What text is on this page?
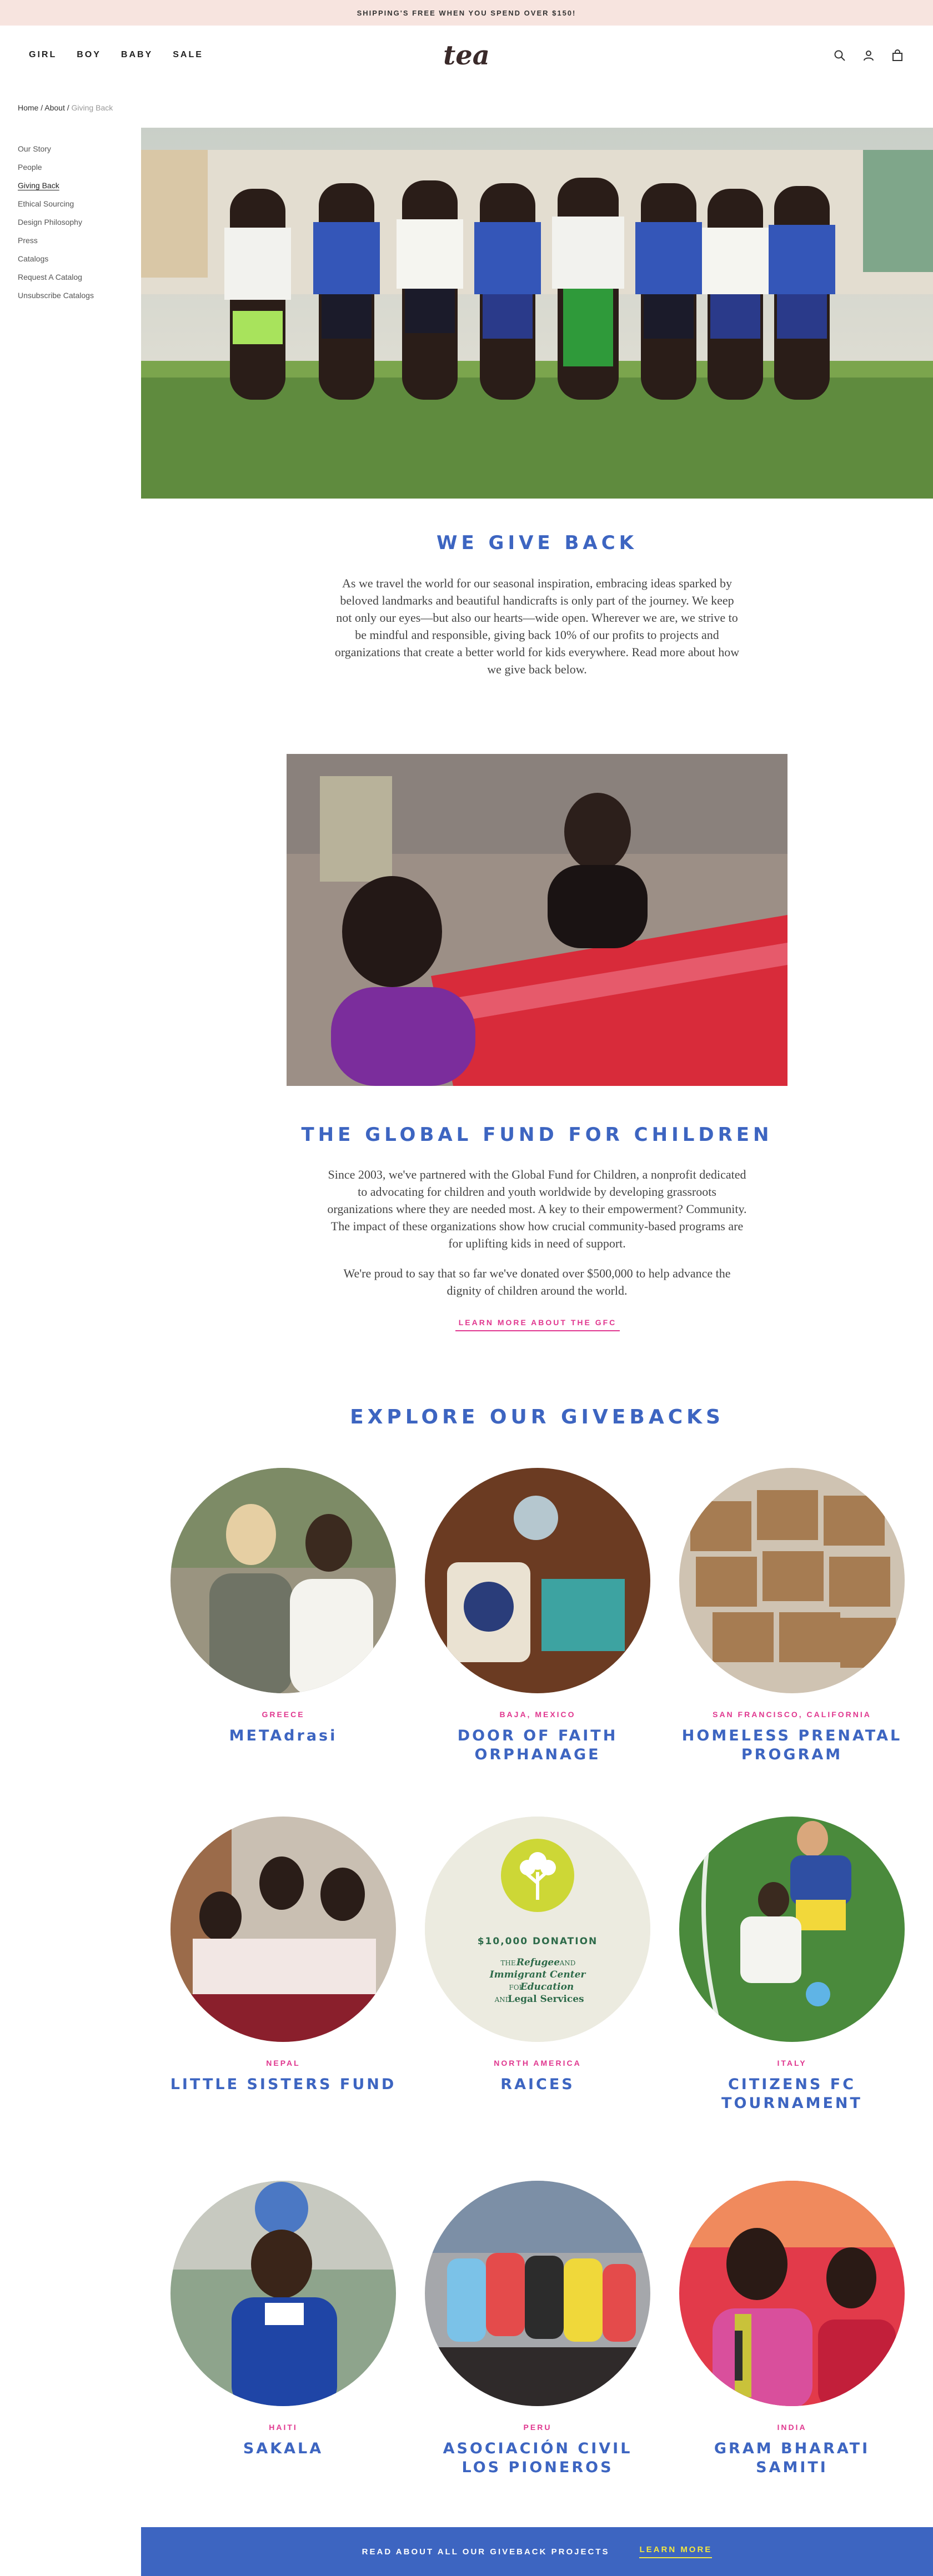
SHIPPING'S FREE WHEN YOU SPEND OVER $150!
GIRL BOY BABY SALE	tea
Home / About / Giving Back
Our Story
People
Giving Back
Ethical Sourcing
Design Philosophy
Press
Catalogs
Request A Catalog
Unsubscribe Catalogs
WE GIVE BACK

As we travel the world for our seasonal inspiration, embracing ideas sparked by beloved landmarks and beautiful handicrafts is only part of the journey. We keep not only our eyes—but also our hearts—wide open. Wherever we are, we strive to be mindful and responsible, giving back 10% of our profits to projects and organizations that create a better world for kids everywhere. Read more about how we give back below.

THE GLOBAL FUND FOR CHILDREN

Since 2003, we've partnered with the Global Fund for Children, a nonprofit dedicated to advocating for children and youth worldwide by developing grassroots organizations where they are needed most. A key to their empowerment? Community. The impact of these organizations show how crucial community-based programs are for uplifting kids in need of support.

We're proud to say that so far we've donated over $500,000 to help advance the dignity of children around the world.

LEARN MORE ABOUT THE GFC
EXPLORE OUR GIVEBACKS
GREECE
METAdrasi
BAJA, MEXICO
DOOR OF FAITH ORPHANAGE
SAN FRANCISCO, CALIFORNIA
HOMELESS PRENATAL PROGRAM
NEPAL
LITTLE SISTERS FUND
$10,000 DONATION
THE Refugee AND
Immigrant Center
FOR
Education
AND
Legal Services
NORTH AMERICA
RAICES
ITALY
CITIZENS FC TOURNAMENT
HAITI
SAKALA
PERU
ASOCIACIÓN CIVIL LOS PIONEROS
INDIA
GRAM BHARATI SAMITI
READ ABOUT ALL OUR GIVEBACK PROJECTS	LEARN MORE
